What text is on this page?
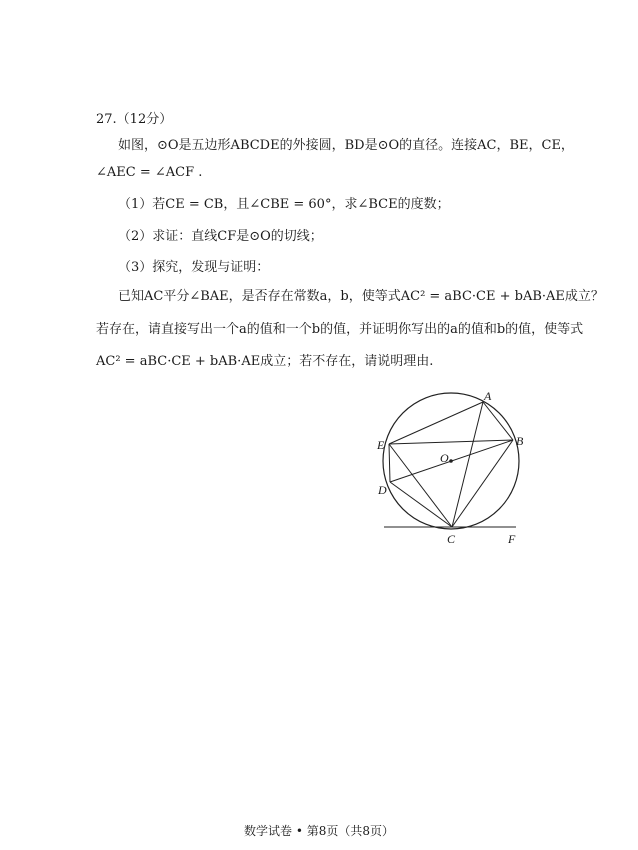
27.（12分）
如图，⊙O是五边形ABCDE的外接圆，BD是⊙O的直径。连接AC，BE，CE，
∠AEC = ∠ACF .
（1）若CE = CB，且∠CBE = 60°，求∠BCE的度数；
（2）求证：直线CF是⊙O的切线；
（3）探究，发现与证明：
已知AC平分∠BAE，是否存在常数a，b，使等式AC² = aBC·CE + bAB·AE成立？
若存在，请直接写出一个a的值和一个b的值，并证明你写出的a的值和b的值，使等式
AC² = aBC·CE + bAB·AE成立；若不存在，请说明理由.
A
B
E
O
D
C	F
数学试卷 • 第8页（共8页）
